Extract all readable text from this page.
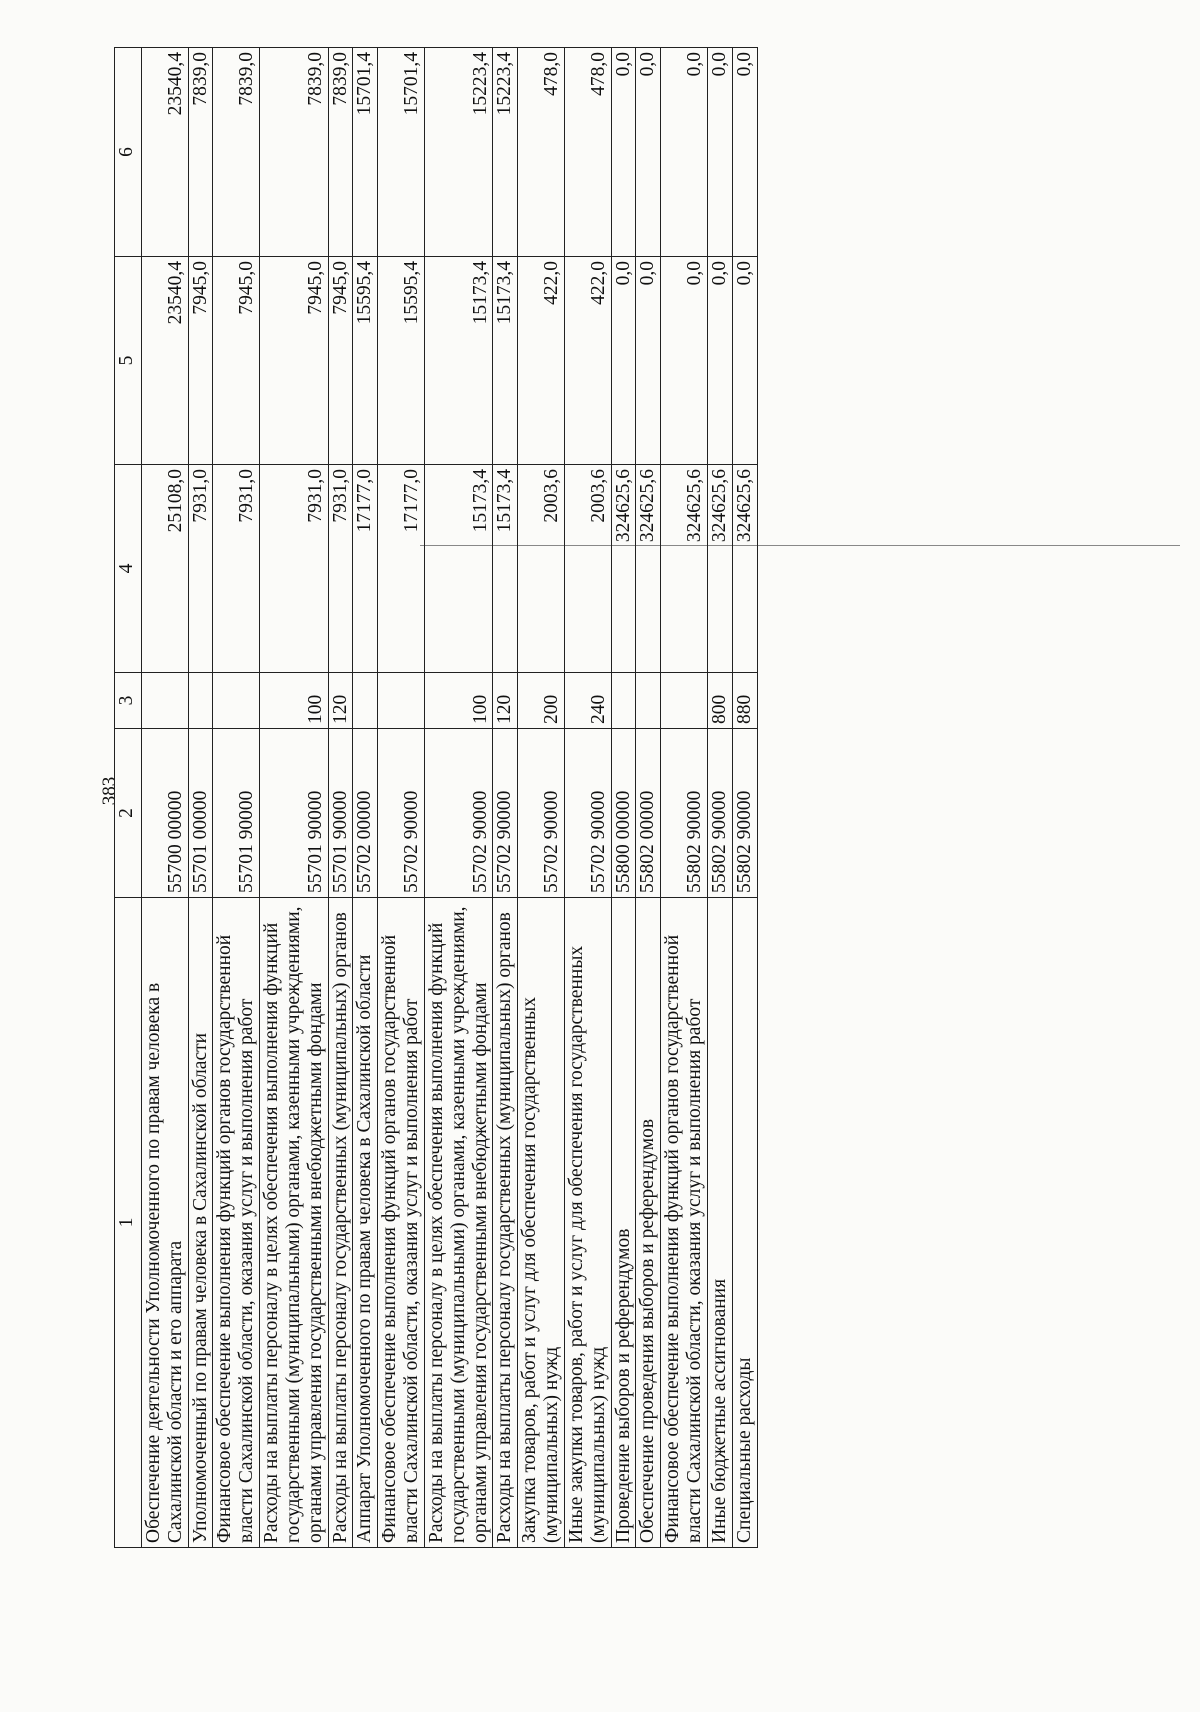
383
1	2	3	4	5	6
Обеспечение деятельности Уполномоченного по правам человека в Сахалинской области и его аппарата	55700 00000		25108,0	23540,4	23540,4
Уполномоченный по правам человека в Сахалинской области	55701 00000		7931,0	7945,0	7839,0
Финансовое обеспечение выполнения функций органов государственной власти Сахалинской области, оказания услуг и выполнения работ	55701 90000		7931,0	7945,0	7839,0
Расходы на выплаты персоналу в целях обеспечения выполнения функций государственными (муниципальными) органами, казенными учреждениями, органами управления государственными внебюджетными фондами	55701 90000	100	7931,0	7945,0	7839,0
Расходы на выплаты персоналу государственных (муниципальных) органов	55701 90000	120	7931,0	7945,0	7839,0
Аппарат Уполномоченного по правам человека в Сахалинской области	55702 00000		17177,0	15595,4	15701,4
Финансовое обеспечение выполнения функций органов государственной власти Сахалинской области, оказания услуг и выполнения работ	55702 90000		17177,0	15595,4	15701,4
Расходы на выплаты персоналу в целях обеспечения выполнения функций государственными (муниципальными) органами, казенными учреждениями, органами управления государственными внебюджетными фондами	55702 90000	100	15173,4	15173,4	15223,4
Расходы на выплаты персоналу государственных (муниципальных) органов	55702 90000	120	15173,4	15173,4	15223,4
Закупка товаров, работ и услуг для обеспечения государственных (муниципальных) нужд	55702 90000	200	2003,6	422,0	478,0
Иные закупки товаров, работ и услуг для обеспечения государственных (муниципальных) нужд	55702 90000	240	2003,6	422,0	478,0
Проведение выборов и референдумов	55800 00000		324625,6	0,0	0,0
Обеспечение проведения выборов и референдумов	55802 00000		324625,6	0,0	0,0
Финансовое обеспечение выполнения функций органов государственной власти Сахалинской области, оказания услуг и выполнения работ	55802 90000		324625,6	0,0	0,0
Иные бюджетные ассигнования	55802 90000	800	324625,6	0,0	0,0
Специальные расходы	55802 90000	880	324625,6	0,0	0,0
